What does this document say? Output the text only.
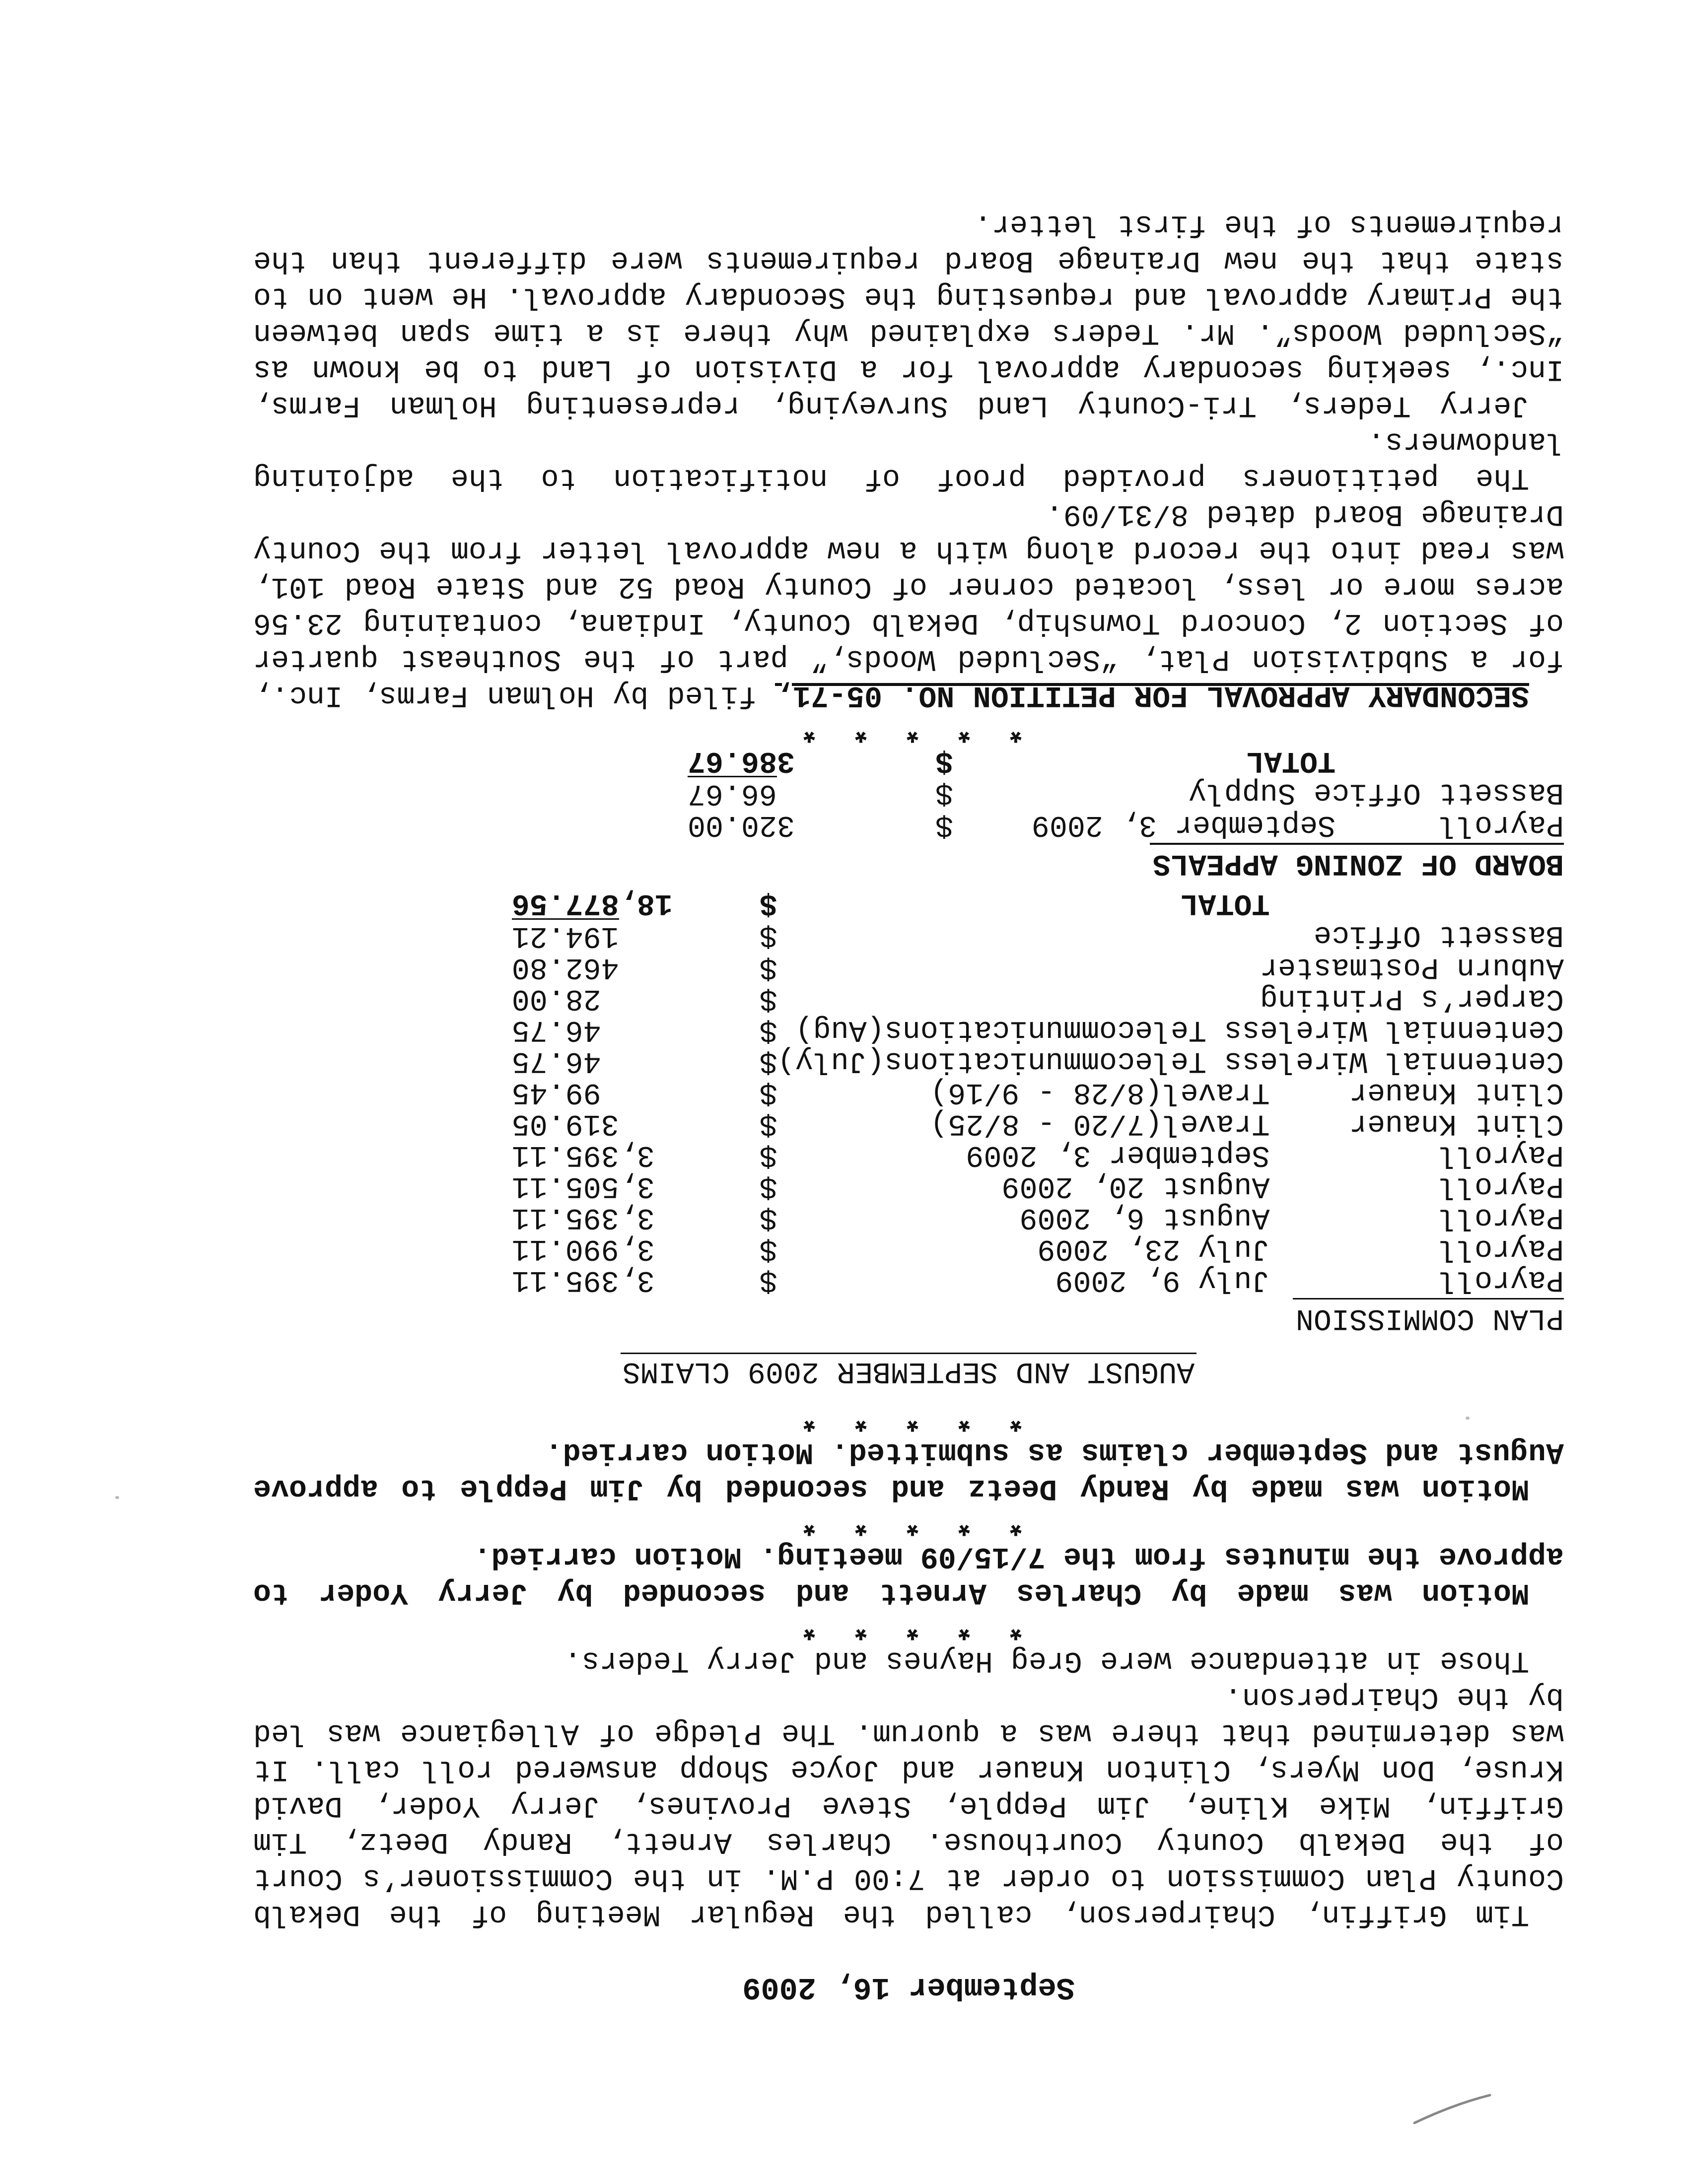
September 16, 2009

Tim Griffin, Chairperson, called the Regular Meeting of the Dekalb County Plan Commission to order at 7:00 P.M. in the Commissioner’s Court of the Dekalb County Courthouse. Charles Arnett, Randy Deetz, Tim Griffin, Mike Kline, Jim Pepple, Steve Provines, Jerry Yoder, David Kruse, Don Myers, Clinton Knauer and Joyce Shopp answered roll call. It was determined that there was a quorum. The Pledge of Allegiance was led by the Chairperson.

Those in attendance were Greg Haynes and Jerry Teders.

* * * * *

Motion was made by Charles Arnett and seconded by Jerry Yoder to approve the minutes from the 7/15/09 meeting. Motion carried.

* * * * *

Motion was made by Randy Deetz and seconded by Jim Pepple to approve August and September claims as submitted. Motion carried.

* * * * *
AUGUST AND SEPTEMBER 2009 CLAIMS
PLAN COMMISSION
Payroll	July 9, 2009	$	3,395.11
Payroll	July 23, 2009	$	3,990.11
Payroll	August 6, 2009	$	3,395.11
Payroll	August 20, 2009	$	3,505.11
Payroll	September 3, 2009	$	3,395.11
Clint Knauer	Travel(7/20 - 8/25)	$	319.05
Clint Knauer	Travel(8/28 - 9/16)	$	99.45
Centennial Wireless Telecommunications(July)		$	46.75
Centennial Wireless Telecommunications(Aug)		$	46.75
Carper’s Printing		$	28.00
Auburn Postmaster		$	462.80
Bassett Office		$	194.21
	TOTAL	$	18,877.56
BOARD OF ZONING APPEALS
Payroll	September 3, 2009	$	320.00
Bassett Office Supply		$	66.67
	TOTAL	$	386.67
* * * * *

SECONDARY APPROVAL FOR PETITION NO. 05-71, filed by Holman Farms, Inc., for a Subdivision Plat, “Secluded Woods,” part of the Southeast quarter of Section 2, Concord Township, Dekalb County, Indiana, containing 23.56 acres more or less, located corner of County Road 52 and State Road 101, was read into the record along with a new approval letter from the County Drainage Board dated 8/31/09.

The petitioners provided proof of notification to the adjoining landowners.

Jerry Teders, Tri-County Land Surveying, representing Holman Farms, Inc., seeking secondary approval for a Division of Land to be known as “Secluded Woods”. Mr. Teders explained why there is a time span between the Primary approval and requesting the Secondary approval. He went on to state that the new Drainage Board requirements were different than the requirements of the first letter.
